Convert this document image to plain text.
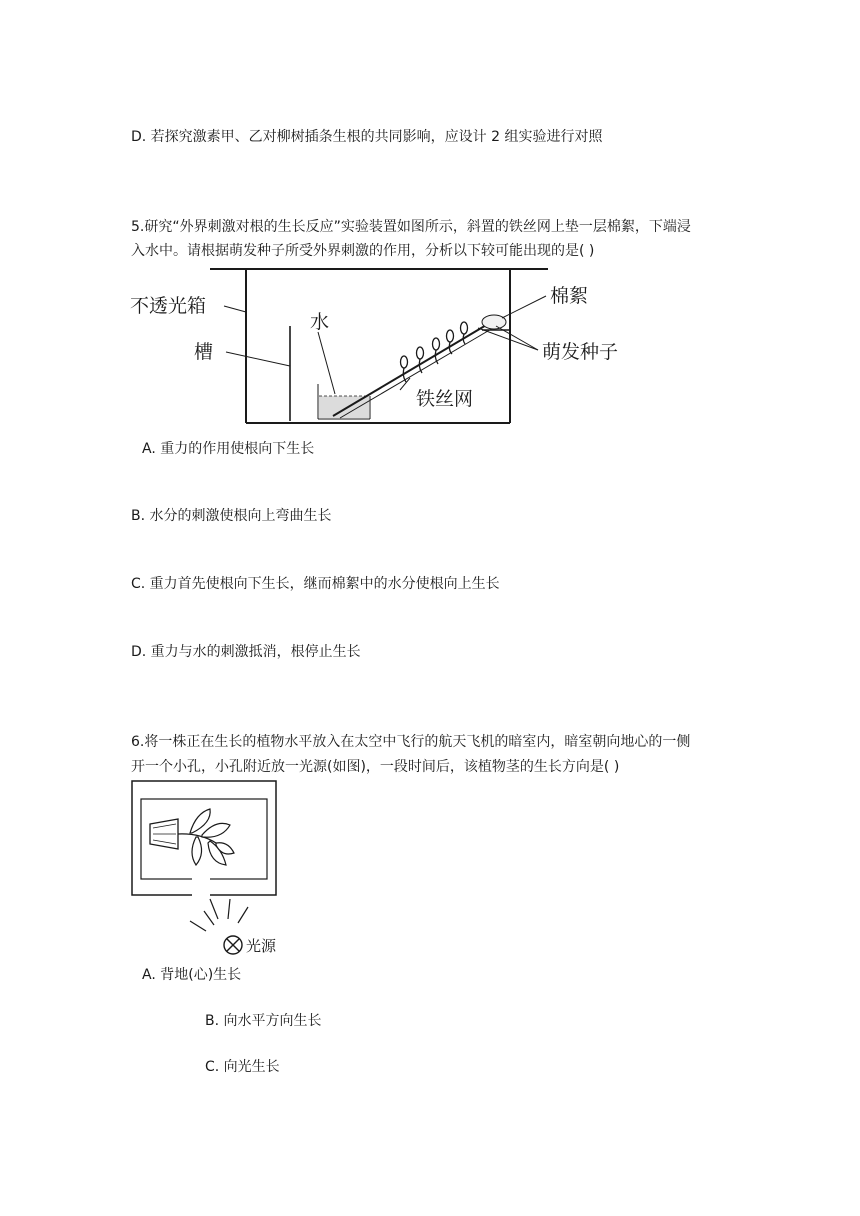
D. 若探究激素甲、乙对柳树插条生根的共同影响，应设计 2 组实验进行对照
5.研究“外界刺激对根的生长反应”实验装置如图所示，斜置的铁丝网上垫一层棉絮，下端浸
入水中。请根据萌发种子所受外界刺激的作用，分析以下较可能出现的是( )
不透光箱
槽
水
棉絮
萌发种子
铁丝网
A. 重力的作用使根向下生长
B. 水分的刺激使根向上弯曲生长
C. 重力首先使根向下生长，继而棉絮中的水分使根向上生长
D. 重力与水的刺激抵消，根停止生长
6.将一株正在生长的植物水平放入在太空中飞行的航天飞机的暗室内，暗室朝向地心的一侧
开一个小孔，小孔附近放一光源(如图)，一段时间后，该植物茎的生长方向是( )
光源
A. 背地(心)生长
B. 向水平方向生长
C. 向光生长
